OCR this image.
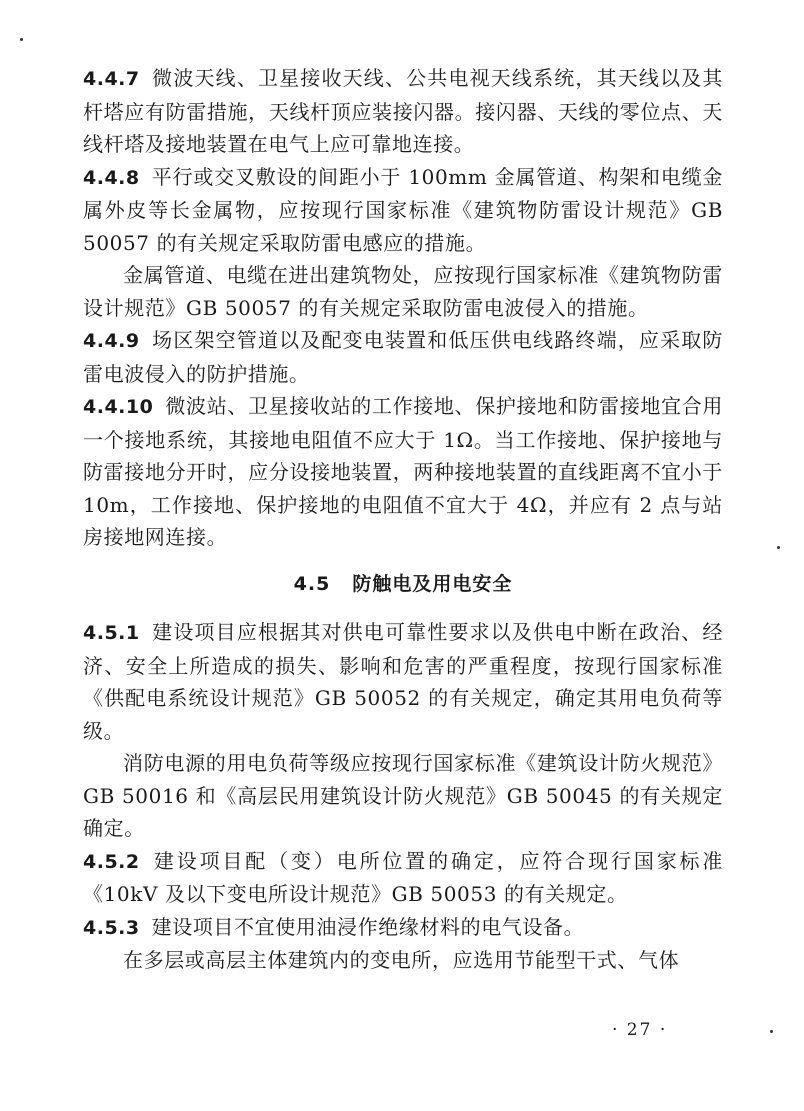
4.4.7 微波天线、卫星接收天线、公共电视天线系统，其天线以及其杆塔应有防雷措施，天线杆顶应装接闪器。接闪器、天线的零位点、天线杆塔及接地装置在电气上应可靠地连接。

4.4.8 平行或交叉敷设的间距小于 100mm 金属管道、构架和电缆金属外皮等长金属物，应按现行国家标准《建筑物防雷设计规范》GB 50057 的有关规定采取防雷电感应的措施。

金属管道、电缆在进出建筑物处，应按现行国家标准《建筑物防雷设计规范》GB 50057 的有关规定采取防雷电波侵入的措施。

4.4.9 场区架空管道以及配变电装置和低压供电线路终端，应采取防雷电波侵入的防护措施。

4.4.10 微波站、卫星接收站的工作接地、保护接地和防雷接地宜合用一个接地系统，其接地电阻值不应大于 1Ω。当工作接地、保护接地与防雷接地分开时，应分设接地装置，两种接地装置的直线距离不宜小于 10m，工作接地、保护接地的电阻值不宜大于 4Ω，并应有 2 点与站房接地网连接。

4.5 防触电及用电安全

4.5.1 建设项目应根据其对供电可靠性要求以及供电中断在政治、经济、安全上所造成的损失、影响和危害的严重程度，按现行国家标准《供配电系统设计规范》GB 50052 的有关规定，确定其用电负荷等级。

消防电源的用电负荷等级应按现行国家标准《建筑设计防火规范》GB 50016 和《高层民用建筑设计防火规范》GB 50045 的有关规定确定。

4.5.2 建设项目配（变）电所位置的确定，应符合现行国家标准《10kV 及以下变电所设计规范》GB 50053 的有关规定。

4.5.3 建设项目不宜使用油浸作绝缘材料的电气设备。

在多层或高层主体建筑内的变电所，应选用节能型干式、气体

· 27 ·
